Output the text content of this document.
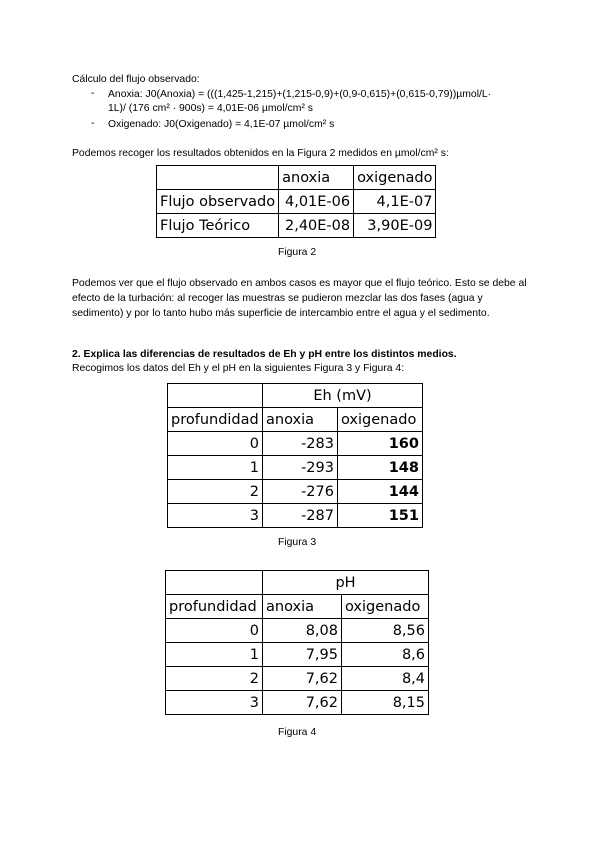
Cálculo del flujo observado:
- Anoxia: J0(Anoxia) = (((1,425-1,215)+(1,215-0,9)+(0,9-0,615)+(0,615-0,79))µmol/L·
1L)/ (176 cm² · 900s) = 4,01E-06 µmol/cm² s
- Oxigenado: J0(Oxigenado) = 4,1E-07 µmol/cm² s
Podemos recoger los resultados obtenidos en la Figura 2 medidos en µmol/cm² s:
	anoxia	oxigenado
Flujo observado	4,01E-06	4,1E-07
Flujo Teórico	2,40E-08	3,90E-09
Figura 2
Podemos ver que el flujo observado en ambos casos es mayor que el flujo teórico. Esto se debe al efecto de la turbación: al recoger las muestras se pudieron mezclar las dos fases (agua y sedimento) y por lo tanto hubo más superficie de intercambio entre el agua y el sedimento.
2. Explica las diferencias de resultados de Eh y pH entre los distintos medios.
Recogimos los datos del Eh y el pH en la siguientes Figura 3 y Figura 4:
	Eh (mV)	
profundidad	anoxia	oxigenado
0	-283	160
1	-293	148
2	-276	144
3	-287	151
Figura 3
	pH	
profundidad	anoxia	oxigenado
0	8,08	8,56
1	7,95	8,6
2	7,62	8,4
3	7,62	8,15
Figura 4
